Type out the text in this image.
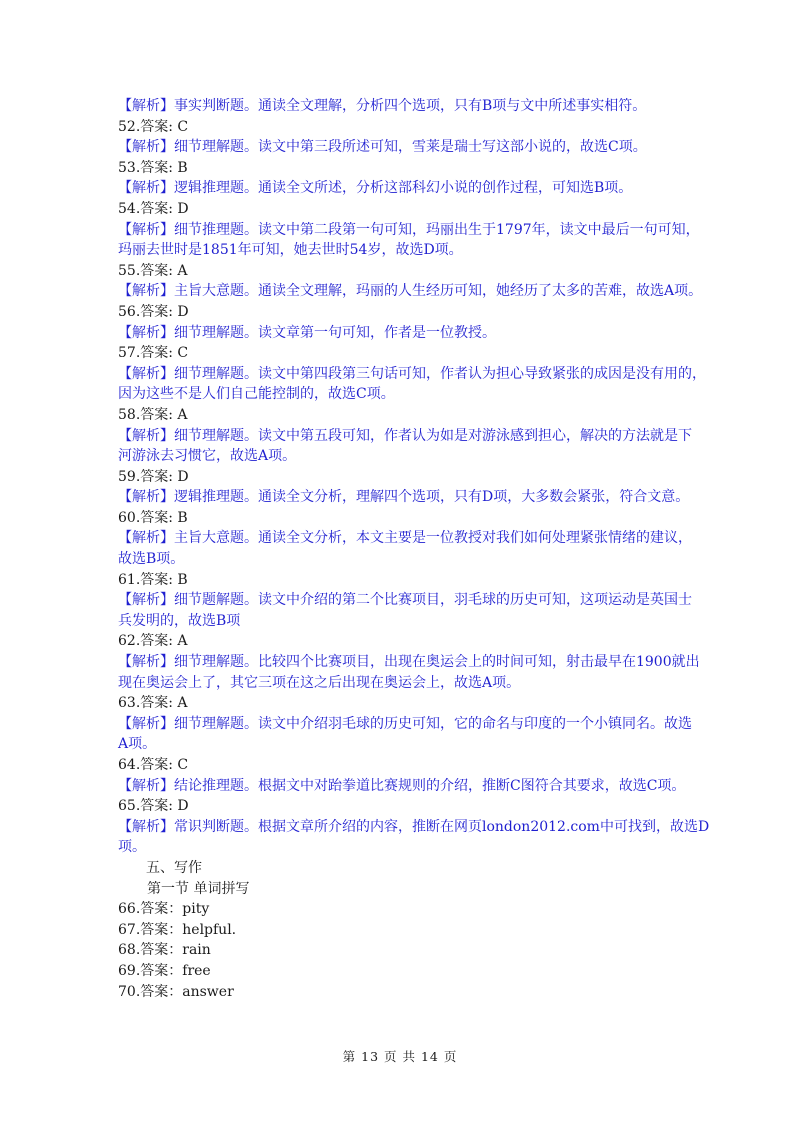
【解析】事实判断题。通读全文理解，分析四个选项，只有B项与文中所述事实相符。
52.答案: C
【解析】细节理解题。读文中第三段所述可知，雪莱是瑞士写这部小说的，故选C项。
53.答案: B
【解析】逻辑推理题。通读全文所述，分析这部科幻小说的创作过程，可知选B项。
54.答案: D
【解析】细节推理题。读文中第二段第一句可知，玛丽出生于1797年，读文中最后一句可知，
玛丽去世时是1851年可知，她去世时54岁，故选D项。
55.答案: A
【解析】主旨大意题。通读全文理解，玛丽的人生经历可知，她经历了太多的苦难，故选A项。
56.答案: D
【解析】细节理解题。读文章第一句可知，作者是一位教授。
57.答案: C
【解析】细节理解题。读文中第四段第三句话可知，作者认为担心导致紧张的成因是没有用的，
因为这些不是人们自己能控制的，故选C项。
58.答案: A
【解析】细节理解题。读文中第五段可知，作者认为如是对游泳感到担心，解决的方法就是下
河游泳去习惯它，故选A项。
59.答案: D
【解析】逻辑推理题。通读全文分析，理解四个选项，只有D项，大多数会紧张，符合文意。
60.答案: B
【解析】主旨大意题。通读全文分析，本文主要是一位教授对我们如何处理紧张情绪的建议，
故选B项。
61.答案: B
【解析】细节题解题。读文中介绍的第二个比赛项目，羽毛球的历史可知，这项运动是英国士
兵发明的，故选B项
62.答案: A
【解析】细节理解题。比较四个比赛项目，出现在奥运会上的时间可知，射击最早在1900就出
现在奥运会上了，其它三项在这之后出现在奥运会上，故选A项。
63.答案: A
【解析】细节理解题。读文中介绍羽毛球的历史可知，它的命名与印度的一个小镇同名。故选
A项。
64.答案: C
【解析】结论推理题。根据文中对跆拳道比赛规则的介绍，推断C图符合其要求，故选C项。
65.答案: D
【解析】常识判断题。根据文章所介绍的内容，推断在网页london2012.com中可找到，故选D
项。
五、写作
第一节 单词拼写
66.答案：pity
67.答案：helpful.
68.答案：rain
69.答案：free
70.答案：answer
第 13 页 共 14 页
